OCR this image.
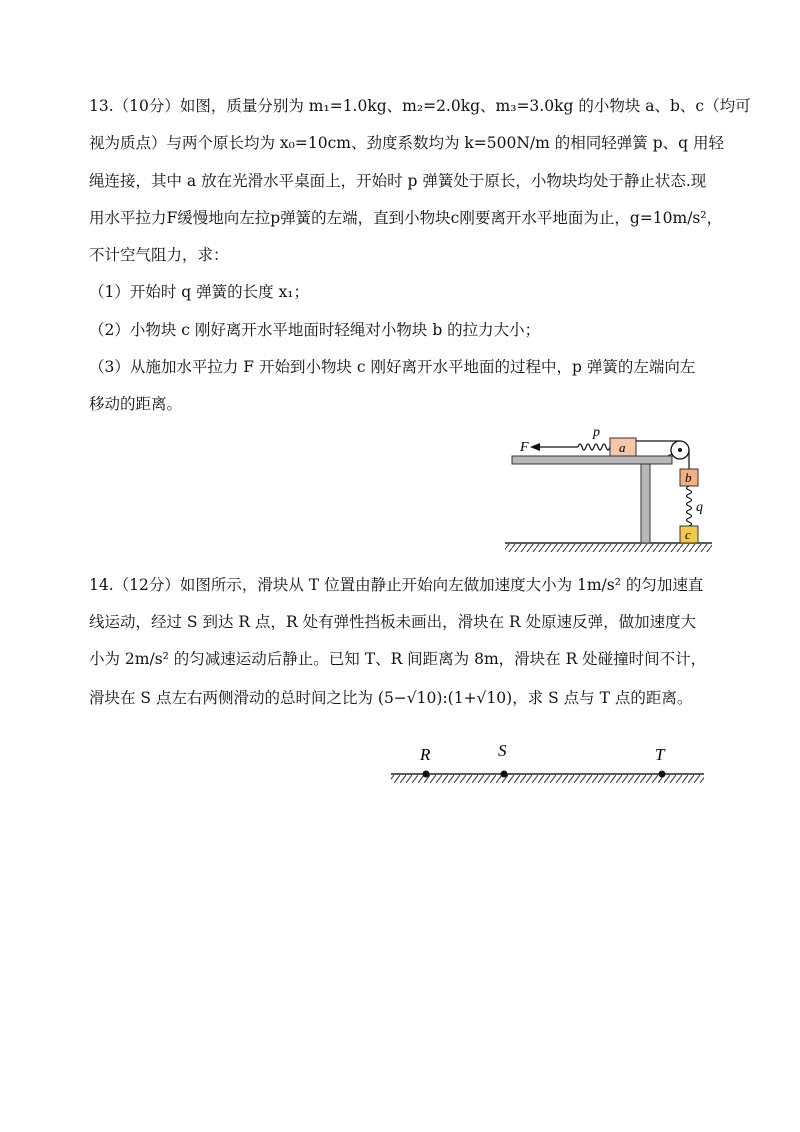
13.（10分）如图，质量分别为 m₁=1.0kg、m₂=2.0kg、m₃=3.0kg 的小物块 a、b、c（均可
视为质点）与两个原长均为 x₀=10cm、劲度系数均为 k=500N/m 的相同轻弹簧 p、q 用轻
绳连接，其中 a 放在光滑水平桌面上，开始时 p 弹簧处于原长，小物块均处于静止状态.现
用水平拉力F缓慢地向左拉p弹簧的左端，直到小物块c刚要离开水平地面为止，g=10m/s²，
不计空气阻力，求：
（1）开始时 q 弹簧的长度 x₁；
（2）小物块 c 刚好离开水平地面时轻绳对小物块 b 的拉力大小；
（3）从施加水平拉力 F 开始到小物块 c 刚好离开水平地面的过程中，p 弹簧的左端向左
移动的距离。
F
p
a
b
q
c
14.（12分）如图所示，滑块从 T 位置由静止开始向左做加速度大小为 1m/s² 的匀加速直
线运动，经过 S 到达 R 点，R 处有弹性挡板未画出，滑块在 R 处原速反弹，做加速度大
小为 2m/s² 的匀减速运动后静止。已知 T、R 间距离为 8m，滑块在 R 处碰撞时间不计，
滑块在 S 点左右两侧滑动的总时间之比为 (5−√10):(1+√10)，求 S 点与 T 点的距离。
R	S	T
